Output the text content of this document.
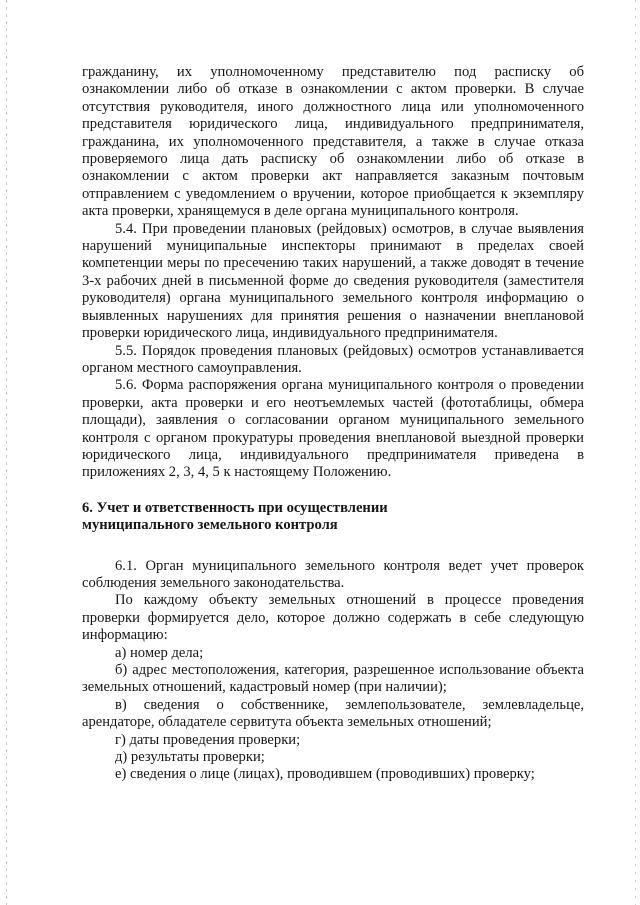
гражданину, их уполномоченному представителю под расписку об ознакомлении либо об отказе в ознакомлении с актом проверки. В случае отсутствия руководителя, иного должностного лица или уполномоченного представителя юридического лица, индивидуального предпринимателя, гражданина, их уполномоченного представителя, а также в случае отказа проверяемого лица дать расписку об ознакомлении либо об отказе в ознакомлении с актом проверки акт направляется заказным почтовым отправлением с уведомлением о вручении, которое приобщается к экземпляру акта проверки, хранящемуся в деле органа муниципального контроля.

5.4. При проведении плановых (рейдовых) осмотров, в случае выявления нарушений муниципальные инспекторы принимают в пределах своей компетенции меры по пресечению таких нарушений, а также доводят в течение 3-х рабочих дней в письменной форме до сведения руководителя (заместителя руководителя) органа муниципального земельного контроля информацию о выявленных нарушениях для принятия решения о назначении внеплановой проверки юридического лица, индивидуального предпринимателя.

5.5. Порядок проведения плановых (рейдовых) осмотров устанавливается органом местного самоуправления.

5.6. Форма распоряжения органа муниципального контроля о проведении проверки, акта проверки и его неотъемлемых частей (фототаблицы, обмера площади), заявления о согласовании органом муниципального земельного контроля с органом прокуратуры проведения внеплановой выездной проверки юридического лица, индивидуального предпринимателя приведена в приложениях 2, 3, 4, 5 к настоящему Положению.

6. Учет и ответственность при осуществлении

муниципального земельного контроля

6.1. Орган муниципального земельного контроля ведет учет проверок соблюдения земельного законодательства.

По каждому объекту земельных отношений в процессе проведения проверки формируется дело, которое должно содержать в себе следующую информацию:

а) номер дела;

б) адрес местоположения, категория, разрешенное использование объекта земельных отношений, кадастровый номер (при наличии);

в) сведения о собственнике, землепользователе, землевладельце, арендаторе, обладателе сервитута объекта земельных отношений;

г) даты проведения проверки;

д) результаты проверки;

е) сведения о лице (лицах), проводившем (проводивших) проверку;
